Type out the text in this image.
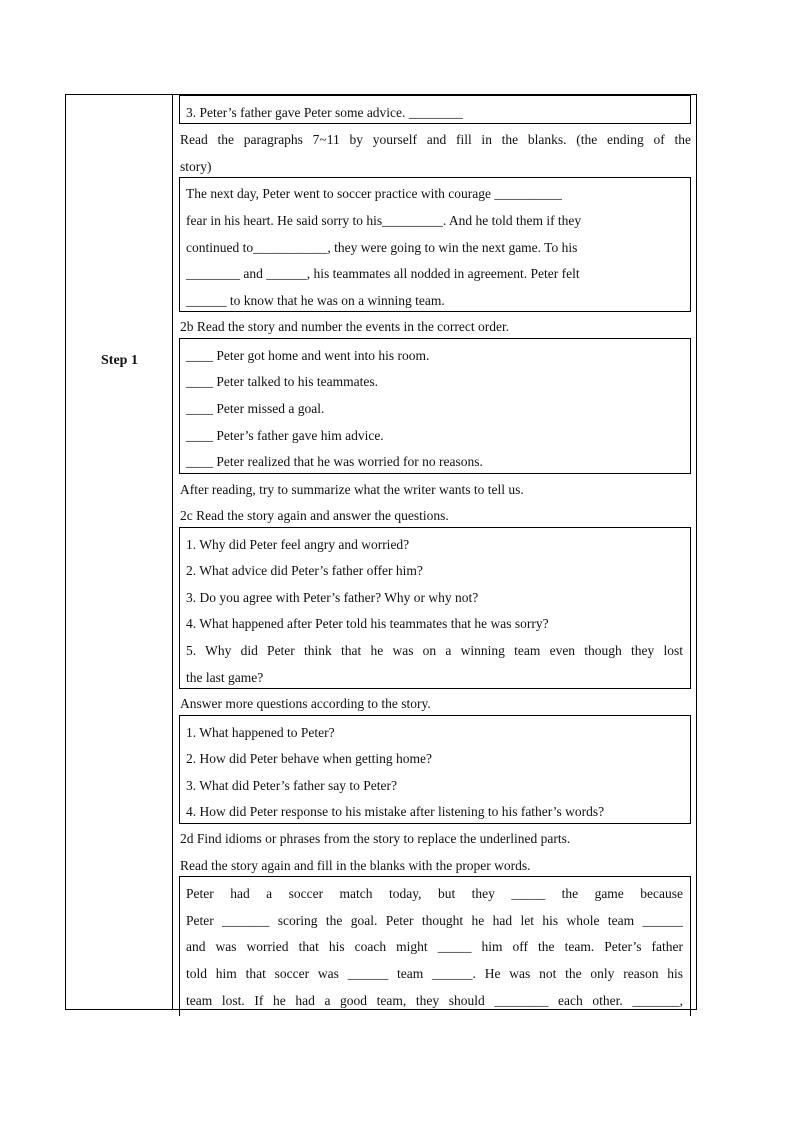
Step 1
3. Peter’s father gave Peter some advice. ________
Read the paragraphs 7~11 by yourself and fill in the blanks. (the ending of the
story)
The next day, Peter went to soccer practice with courage __________
fear in his heart. He said sorry to his_________. And he told them if they
continued to___________, they were going to win the next game. To his
________ and ______, his teammates all nodded in agreement. Peter felt
______ to know that he was on a winning team.
2b Read the story and number the events in the correct order.
____ Peter got home and went into his room.
____ Peter talked to his teammates.
____ Peter missed a goal.
____ Peter’s father gave him advice.
____ Peter realized that he was worried for no reasons.
After reading, try to summarize what the writer wants to tell us.
2c Read the story again and answer the questions.
1. Why did Peter feel angry and worried?
2. What advice did Peter’s father offer him?
3. Do you agree with Peter’s father? Why or why not?
4. What happened after Peter told his teammates that he was sorry?
5. Why did Peter think that he was on a winning team even though they lost
the last game?
Answer more questions according to the story.
1. What happened to Peter?
2. How did Peter behave when getting home?
3. What did Peter’s father say to Peter?
4. How did Peter response to his mistake after listening to his father’s words?
2d Find idioms or phrases from the story to replace the underlined parts.
Read the story again and fill in the blanks with the proper words.
Peter had a soccer match today, but they _____ the game because
Peter _______ scoring the goal. Peter thought he had let his whole team ______
and was worried that his coach might _____ him off the team. Peter’s father
told him that soccer was ______ team ______. He was not the only reason his
team lost. If he had a good team, they should ________ each other. _______,
